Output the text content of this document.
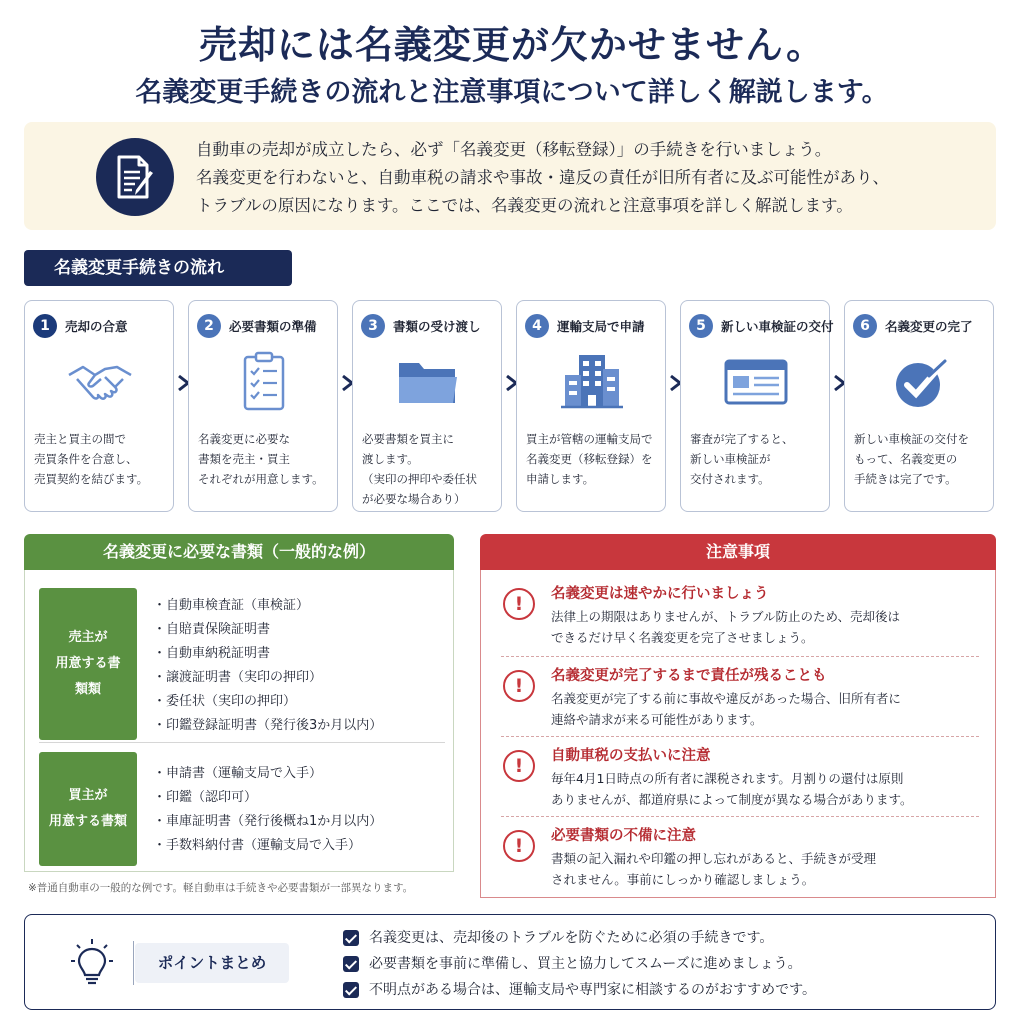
売却には名義変更が欠かせません。
名義変更手続きの流れと注意事項について詳しく解説します。
自動車の売却が成立したら、必ず「名義変更（移転登録）」の手続きを行いましょう。
名義変更を行わないと、自動車税の請求や事故・違反の責任が旧所有者に及ぶ可能性があり、
トラブルの原因になります。ここでは、名義変更の流れと注意事項を詳しく解説します。
名義変更手続きの流れ
1	売却の合意
売主と買主の間で
売買条件を合意し、
売買契約を結びます。
2	必要書類の準備
名義変更に必要な
書類を売主・買主
それぞれが用意します。
3	書類の受け渡し
必要書類を買主に
渡します。
（実印の押印や委任状
が必要な場合あり）
4	運輸支局で申請
買主が管轄の運輸支局で
名義変更（移転登録）を
申請します。
5	新しい車検証の交付
審査が完了すると、
新しい車検証が
交付されます。
6	名義変更の完了
新しい車検証の交付を
もって、名義変更の
手続きは完了です。
名義変更に必要な書類（一般的な例）
売主が
用意する書
類類
・ 自動車検査証（車検証）
・ 自賠責保険証明書
・ 自動車納税証明書
・ 譲渡証明書（実印の押印）
・ 委任状（実印の押印）
・ 印鑑登録証明書（発行後3か月以内）
買主が
用意する書類
・ 申請書（運輸支局で入手）
・ 印鑑（認印可）
・ 車庫証明書（発行後概ね1か月以内）
・ 手数料納付書（運輸支局で入手）
※普通自動車の一般的な例です。軽自動車は手続きや必要書類が一部異なります。
注意事項
!	名義変更は速やかに行いましょう
法律上の期限はありませんが、トラブル防止のため、売却後は
できるだけ早く名義変更を完了させましょう。
!	名義変更が完了するまで責任が残ることも
名義変更が完了する前に事故や違反があった場合、旧所有者に
連絡や請求が来る可能性があります。
!	自動車税の支払いに注意
毎年4月1日時点の所有者に課税されます。月割りの還付は原則
ありませんが、都道府県によって制度が異なる場合があります。
!	必要書類の不備に注意
書類の記入漏れや印鑑の押し忘れがあると、手続きが受理
されません。事前にしっかり確認しましょう。
ポイントまとめ
名義変更は、売却後のトラブルを防ぐために必須の手続きです。
必要書類を事前に準備し、買主と協力してスムーズに進めましょう。
不明点がある場合は、運輸支局や専門家に相談するのがおすすめです。
